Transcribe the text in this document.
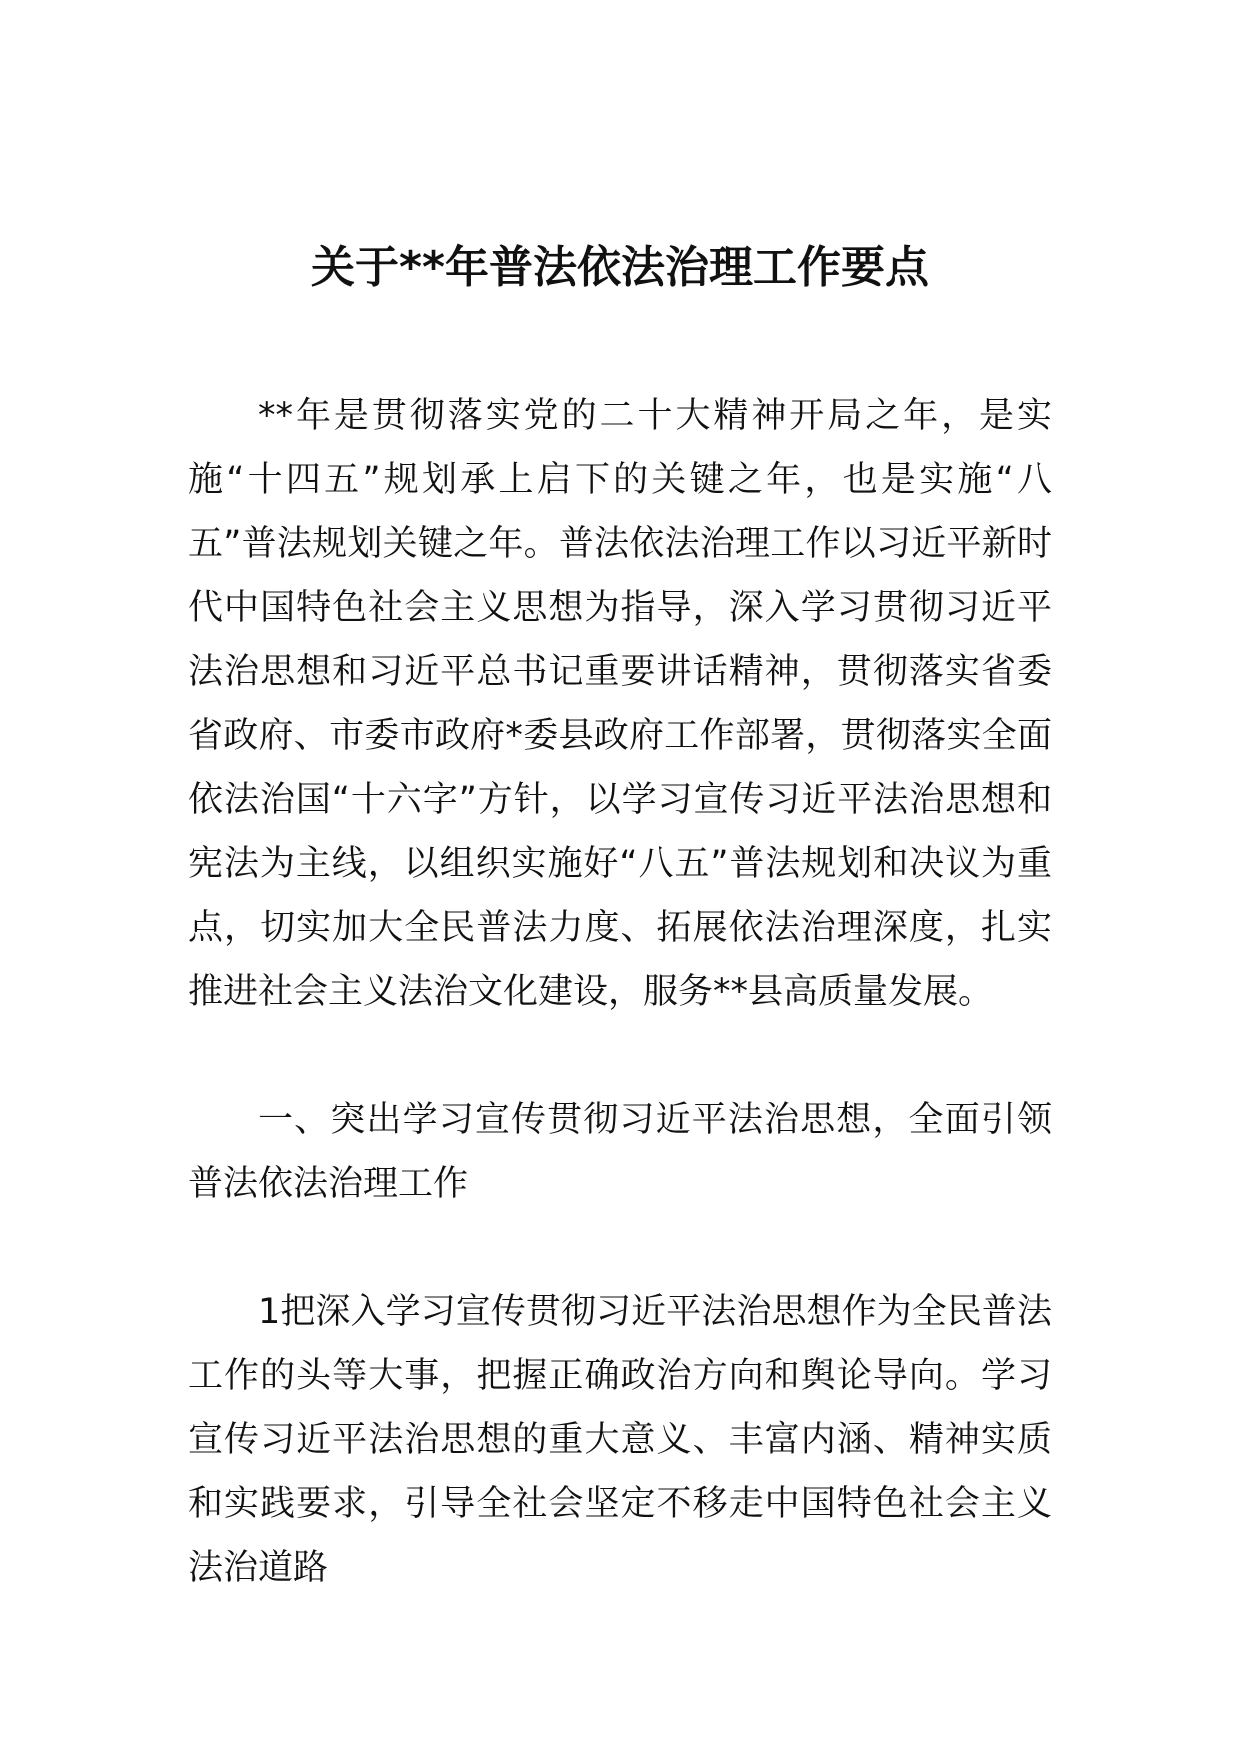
关于**年普法依法治理工作要点

**年是贯彻落实党的二十大精神开局之年，是实施“十四五”规划承上启下的关键之年，也是实施“八五”普法规划关键之年。普法依法治理工作以习近平新时代中国特色社会主义思想为指导，深入学习贯彻习近平法治思想和习近平总书记重要讲话精神，贯彻落实省委省政府、市委市政府*委县政府工作部署，贯彻落实全面依法治国“十六字”方针，以学习宣传习近平法治思想和宪法为主线，以组织实施好“八五”普法规划和决议为重点，切实加大全民普法力度、拓展依法治理深度，扎实推进社会主义法治文化建设，服务**县高质量发展。

一、突出学习宣传贯彻习近平法治思想，全面引领普法依法治理工作

1把深入学习宣传贯彻习近平法治思想作为全民普法工作的头等大事，把握正确政治方向和舆论导向。学习宣传习近平法治思想的重大意义、丰富内涵、精神实质和实践要求，引导全社会坚定不移走中国特色社会主义法治道路
